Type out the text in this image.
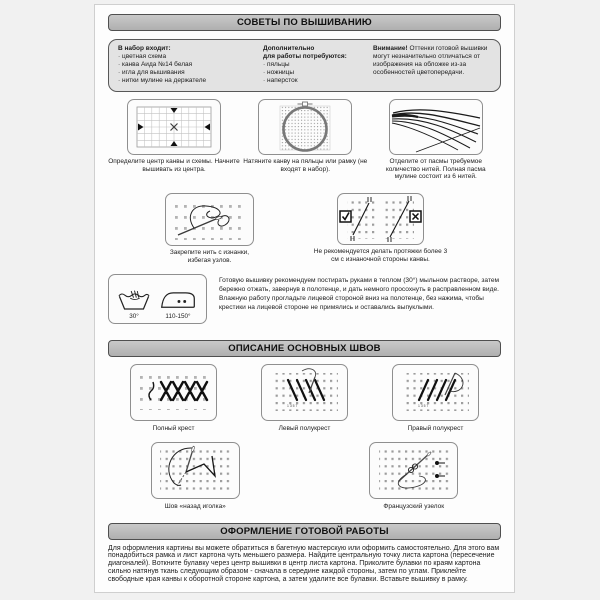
СОВЕТЫ ПО ВЫШИВАНИЮ
В набор входит:
· цветная схема
· канва Аида №14 белая
· игла для вышивания
· нитки мулине на держателе
Дополнительно
для работы потребуются:
· пяльцы
· ножницы
· наперсток
Внимание! Оттенки готовой вышивки могут незначительно отличаться от изображения на обложке из-за особенностей цветопередачи.
Определите центр канвы и схемы. Начните вышивать из центра.
Натяните канву на пяльцы или рамку (не входят в набор).
Отделите от пасмы требуемое количество нитей. Полная пасма мулине состоит из 6 нитей.
Закрепите нить с изнанки, избегая узлов.
Не рекомендуется делать протяжки более 3 см с изнаночной стороны канвы.
30°	110-150°
Готовую вышивку рекомендуем постирать руками в теплом (30°) мыльном растворе, затем бережно отжать, завернув в полотенце, и дать немного просохнуть в расправленном виде. Влажную работу прогладьте лицевой стороной вниз на полотенце, без нажима, чтобы крестики на лицевой стороне не примялись и оставались выпуклыми.
ОПИСАНИЕ ОСНОВНЫХ ШВОВ
Полный крест
1 3 5 7
Левый полукрест
1 3 5 7
Правый полукрест
Шов «назад иголка»	Французский узелок
ОФОРМЛЕНИЕ ГОТОВОЙ РАБОТЫ
Для оформления картины вы можете обратиться в багетную мастерскую или оформить самостоятельно. Для этого вам понадобиться рамка и лист картона чуть меньшего размера. Найдите центральную точку листа картона (пересечение диагоналей). Воткните булавку через центр вышивки в центр листа картона. Приколите булавки по краям картона сильно натянув ткань следующим образом - сначала в середине каждой стороны, затем по углам. Приклейте свободные края канвы к оборотной стороне картона, а затем удалите все булавки. Вставьте вышивку в рамку.
